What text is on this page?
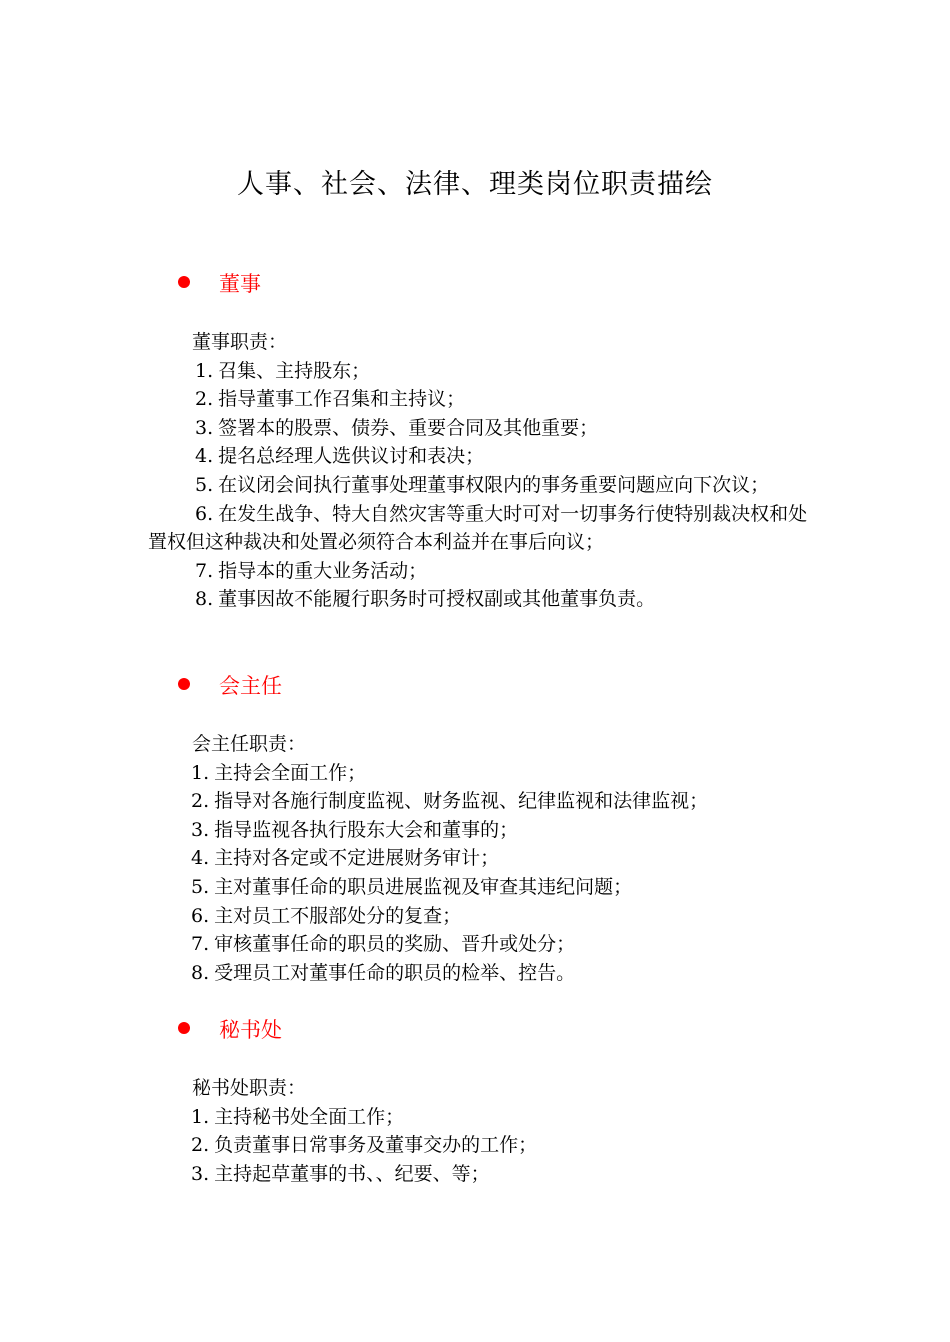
人事、社会、法律、理类岗位职责描绘
董事
董事职责：
1. 召集、主持股东；
2. 指导董事工作召集和主持议；
3. 签署本的股票、债券、重要合同及其他重要；
4. 提名总经理人选供议讨和表决；
5. 在议闭会间执行董事处理董事权限内的事务重要问题应向下次议；
6. 在发生战争、特大自然灾害等重大时可对一切事务行使特别裁决权和处置权但这种裁决和处置必须符合本利益并在事后向议；
7. 指导本的重大业务活动；
8. 董事因故不能履行职务时可授权副或其他董事负责。
会主任
会主任职责：
1. 主持会全面工作；
2. 指导对各施行制度监视、财务监视、纪律监视和法律监视；
3. 指导监视各执行股东大会和董事的；
4. 主持对各定或不定进展财务审计；
5. 主对董事任命的职员进展监视及审查其违纪问题；
6. 主对员工不服部处分的复查；
7. 审核董事任命的职员的奖励、晋升或处分；
8. 受理员工对董事任命的职员的检举、控告。
秘书处
秘书处职责：
1. 主持秘书处全面工作；
2. 负责董事日常事务及董事交办的工作；
3. 主持起草董事的书、、纪要、等；
